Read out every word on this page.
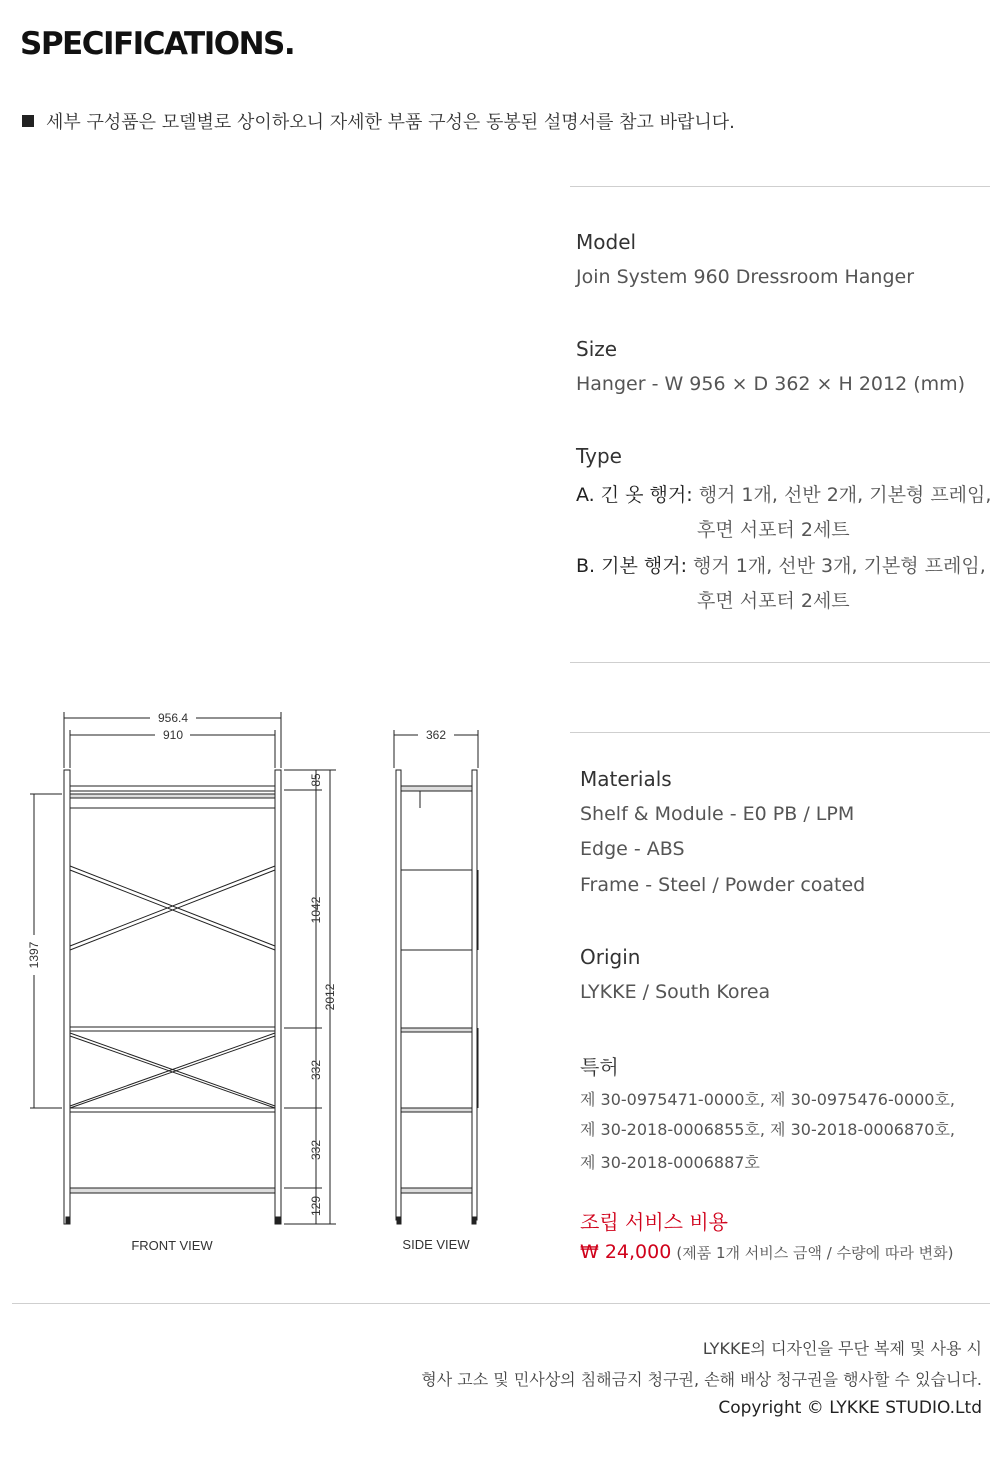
SPECIFICATIONS.
세부 구성품은 모델별로 상이하오니 자세한 부품 구성은 동봉된 설명서를 참고 바랍니다.
Model
Join System 960 Dressroom Hanger
Size
Hanger - W 956 × D 362 × H 2012 (mm)
Type
A. 긴 옷 행거: 행거 1개, 선반 2개, 기본형 프레임,
후면 서포터 2세트
B. 기본 행거: 행거 1개, 선반 3개, 기본형 프레임,
후면 서포터 2세트
Materials
Shelf & Module - E0 PB / LPM
Edge - ABS
Frame - Steel / Powder coated
Origin
LYKKE / South Korea
특허
제 30-0975471-0000호, 제 30-0975476-0000호,
제 30-2018-0006855호, 제 30-2018-0006870호,
제 30-2018-0006887호
조립 서비스 비용
₩ 24,000 (제품 1개 서비스 금액 / 수량에 따라 변화)
956.4
910
1397
85
1042
2012
332
332
129
362
FRONT VIEW	SIDE VIEW
LYKKE의 디자인을 무단 복제 및 사용 시
형사 고소 및 민사상의 침해금지 청구권, 손해 배상 청구권을 행사할 수 있습니다.
Copyright © LYKKE STUDIO.Ltd
